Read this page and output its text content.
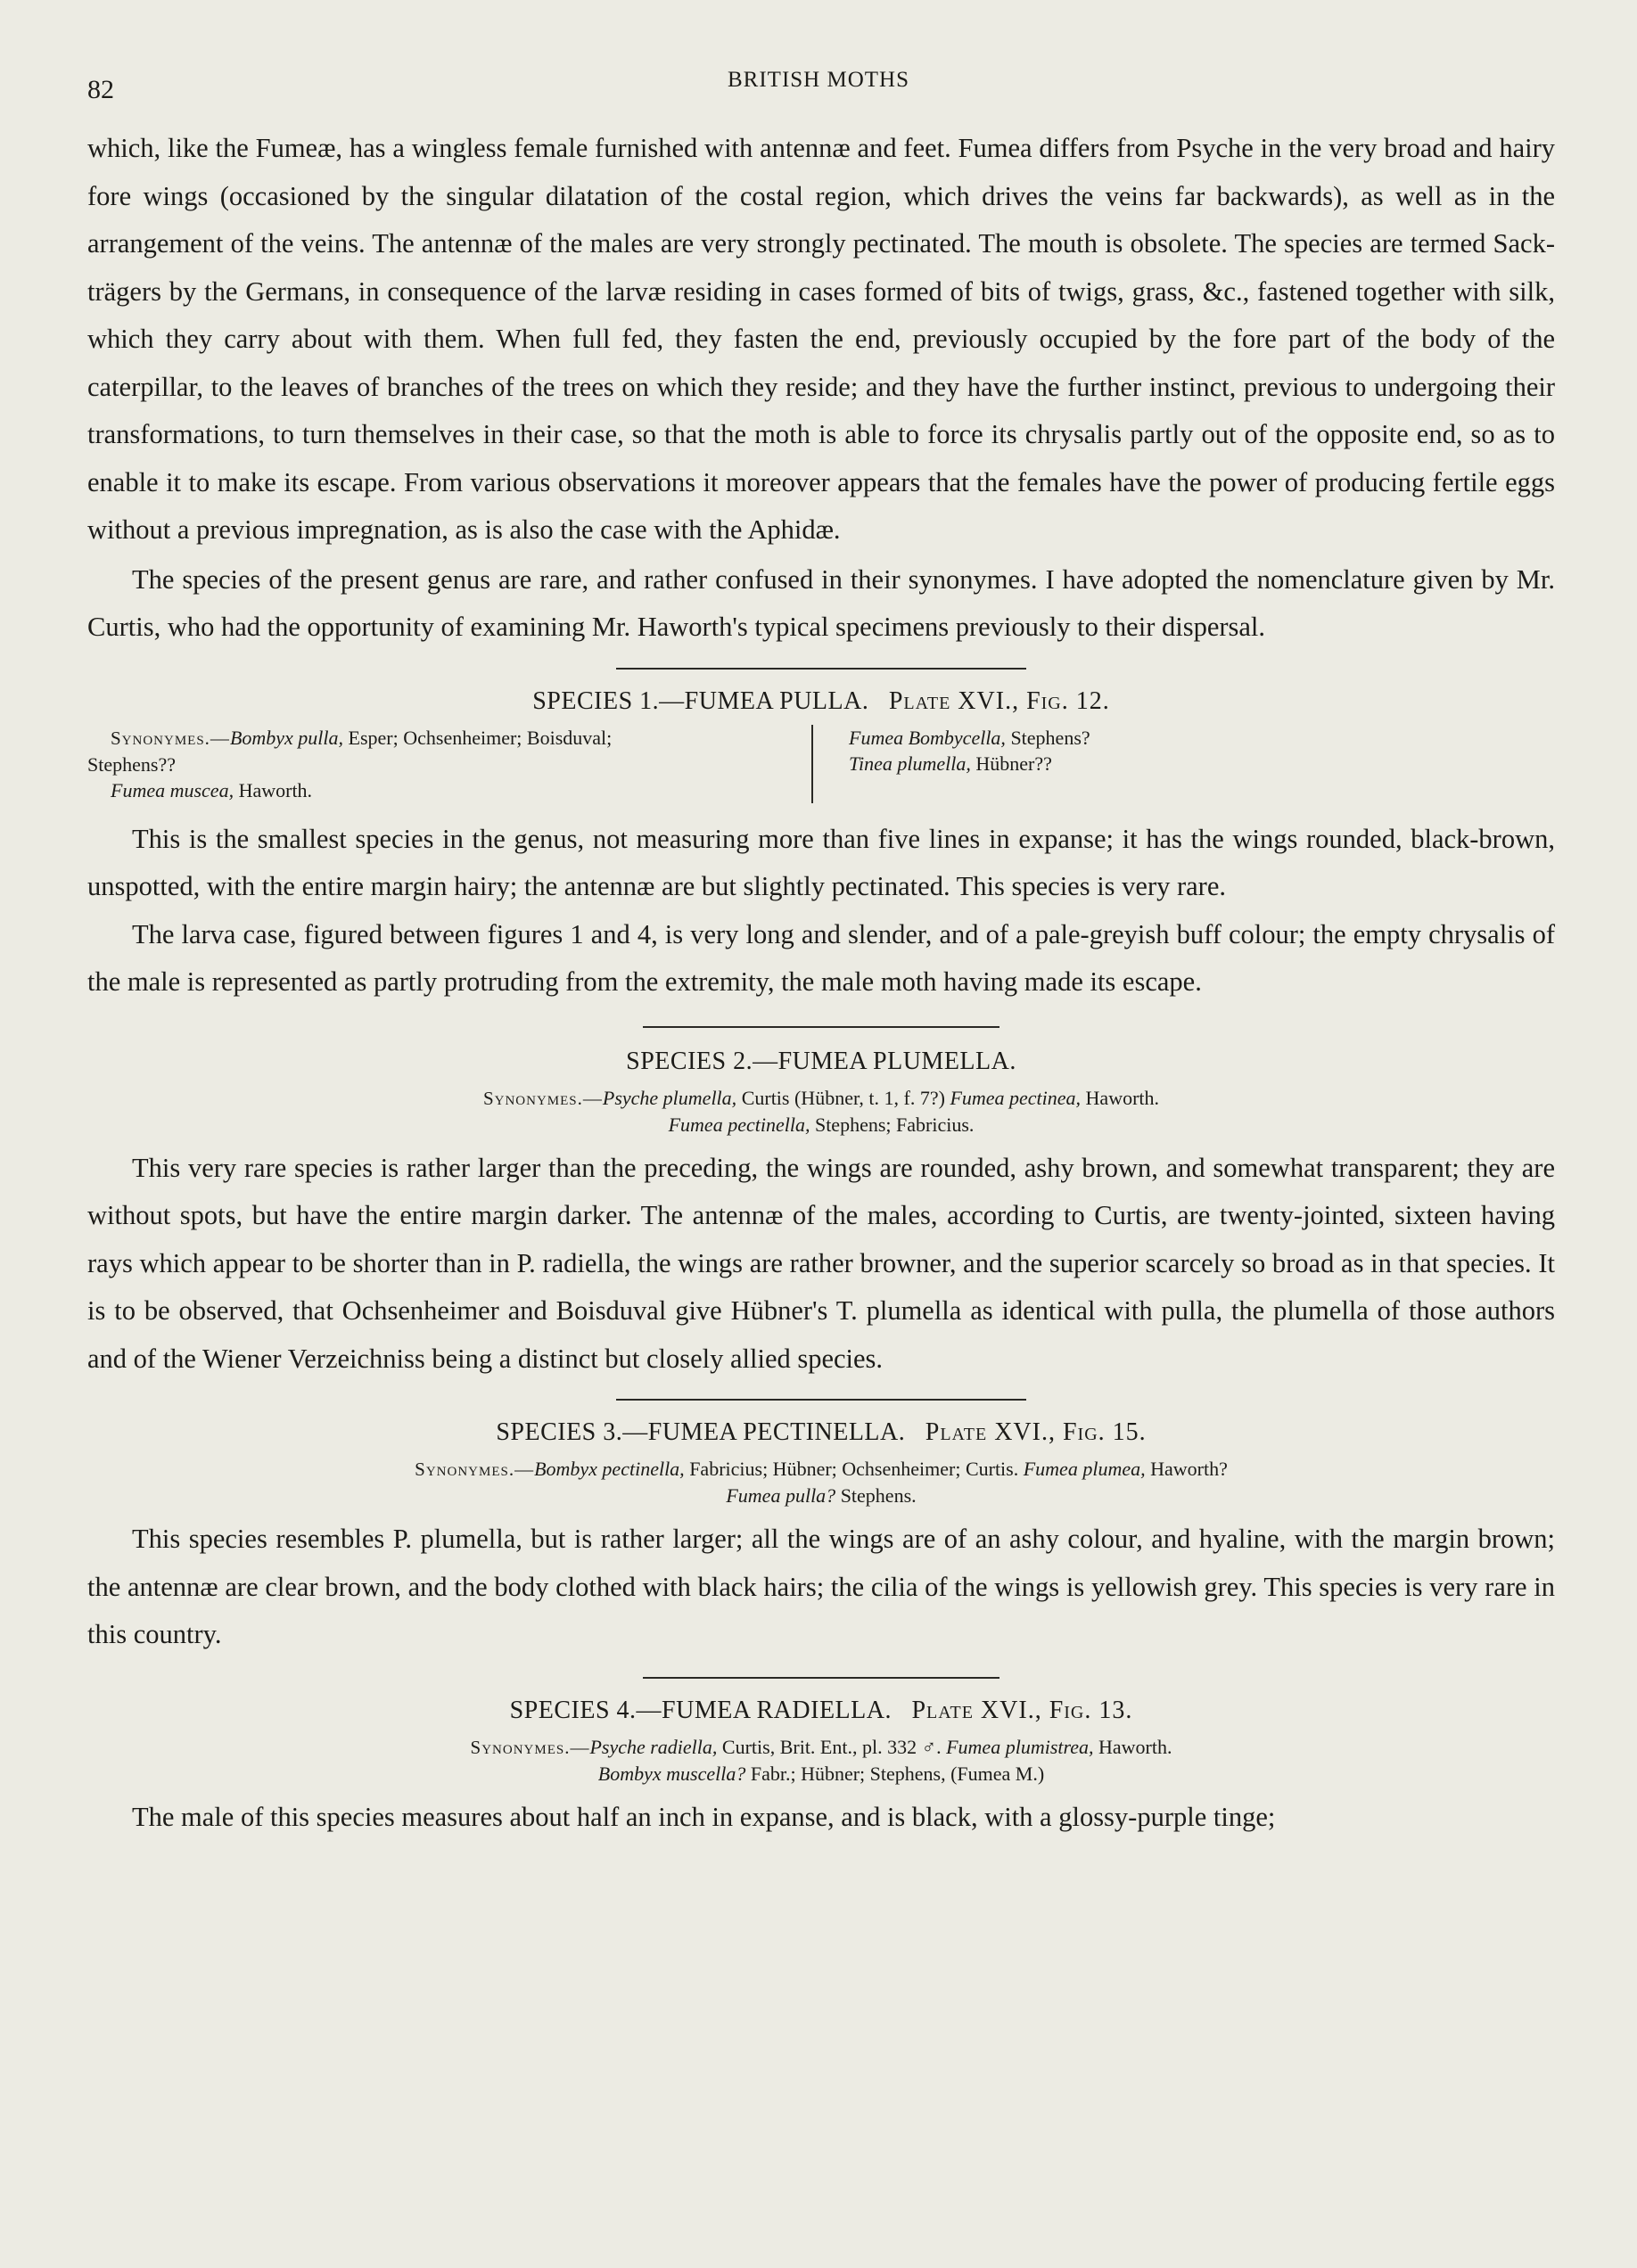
82	BRITISH MOTHS

which, like the Fumeæ, has a wingless female furnished with antennæ and feet. Fumea differs from Psyche in the very broad and hairy fore wings (occasioned by the singular dilatation of the costal region, which drives the veins far backwards), as well as in the arrangement of the veins. The antennæ of the males are very strongly pectinated. The mouth is obsolete. The species are termed Sack-trägers by the Germans, in consequence of the larvæ residing in cases formed of bits of twigs, grass, &c., fastened together with silk, which they carry about with them. When full fed, they fasten the end, previously occupied by the fore part of the body of the caterpillar, to the leaves of branches of the trees on which they reside; and they have the further instinct, previous to undergoing their transformations, to turn themselves in their case, so that the moth is able to force its chrysalis partly out of the opposite end, so as to enable it to make its escape. From various observations it moreover appears that the females have the power of producing fertile eggs without a previous impregnation, as is also the case with the Aphidæ.

The species of the present genus are rare, and rather confused in their synonymes. I have adopted the nomenclature given by Mr. Curtis, who had the opportunity of examining Mr. Haworth's typical specimens previously to their dispersal.

SPECIES 1.—FUMEA PULLA. Plate XVI., Fig. 12.
Synonymes.—Bombyx pulla, Esper; Ochsenheimer; Boisduval;
Stephens??
Fumea muscea, Haworth.
Fumea Bombycella, Stephens?
Tinea plumella, Hübner??

This is the smallest species in the genus, not measuring more than five lines in expanse; it has the wings rounded, black-brown, unspotted, with the entire margin hairy; the antennæ are but slightly pectinated. This species is very rare.

The larva case, figured between figures 1 and 4, is very long and slender, and of a pale-greyish buff colour; the empty chrysalis of the male is represented as partly protruding from the extremity, the male moth having made its escape.

SPECIES 2.—FUMEA PLUMELLA.
Synonymes.—Psyche plumella, Curtis (Hübner, t. 1, f. 7?) Fumea pectinea, Haworth.
Fumea pectinella, Stephens; Fabricius.

This very rare species is rather larger than the preceding, the wings are rounded, ashy brown, and somewhat transparent; they are without spots, but have the entire margin darker. The antennæ of the males, according to Curtis, are twenty-jointed, sixteen having rays which appear to be shorter than in P. radiella, the wings are rather browner, and the superior scarcely so broad as in that species. It is to be observed, that Ochsenheimer and Boisduval give Hübner's T. plumella as identical with pulla, the plumella of those authors and of the Wiener Verzeichniss being a distinct but closely allied species.

SPECIES 3.—FUMEA PECTINELLA. Plate XVI., Fig. 15.
Synonymes.—Bombyx pectinella, Fabricius; Hübner; Ochsenheimer; Curtis. Fumea plumea, Haworth?
Fumea pulla? Stephens.

This species resembles P. plumella, but is rather larger; all the wings are of an ashy colour, and hyaline, with the margin brown; the antennæ are clear brown, and the body clothed with black hairs; the cilia of the wings is yellowish grey. This species is very rare in this country.

SPECIES 4.—FUMEA RADIELLA. Plate XVI., Fig. 13.
Synonymes.—Psyche radiella, Curtis, Brit. Ent., pl. 332 ♂. Fumea plumistrea, Haworth.
Bombyx muscella? Fabr.; Hübner; Stephens, (Fumea M.)

The male of this species measures about half an inch in expanse, and is black, with a glossy-purple tinge;
